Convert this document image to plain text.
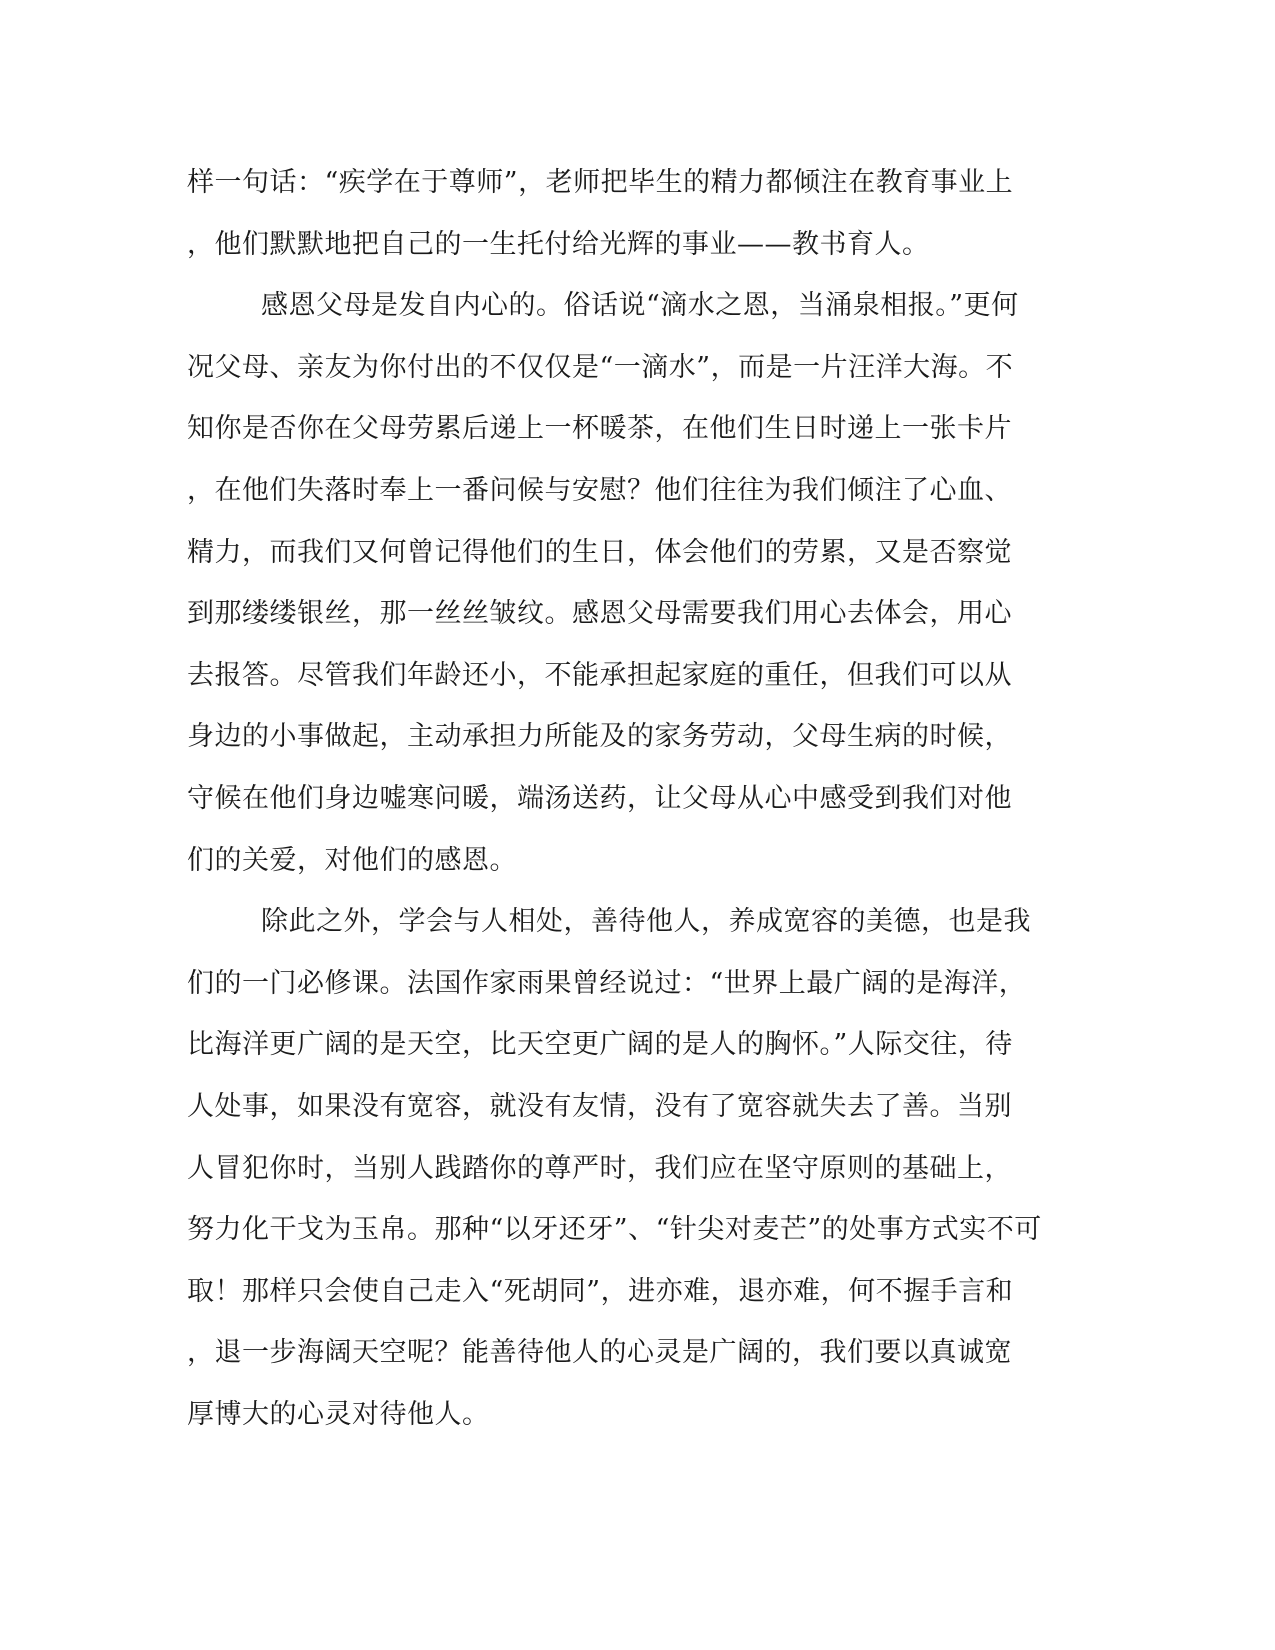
样一句话：“疾学在于尊师”，老师把毕生的精力都倾注在教育事业上
，他们默默地把自己的一生托付给光辉的事业——教书育人。
感恩父母是发自内心的。俗话说“滴水之恩，当涌泉相报。”更何
况父母、亲友为你付出的不仅仅是“一滴水”，而是一片汪洋大海。不
知你是否你在父母劳累后递上一杯暖茶，在他们生日时递上一张卡片
，在他们失落时奉上一番问候与安慰？他们往往为我们倾注了心血、
精力，而我们又何曾记得他们的生日，体会他们的劳累，又是否察觉
到那缕缕银丝，那一丝丝皱纹。感恩父母需要我们用心去体会，用心
去报答。尽管我们年龄还小，不能承担起家庭的重任，但我们可以从
身边的小事做起，主动承担力所能及的家务劳动，父母生病的时候，
守候在他们身边嘘寒问暖，端汤送药，让父母从心中感受到我们对他
们的关爱，对他们的感恩。
除此之外，学会与人相处，善待他人，养成宽容的美德，也是我
们的一门必修课。法国作家雨果曾经说过：“世界上最广阔的是海洋，
比海洋更广阔的是天空，比天空更广阔的是人的胸怀。”人际交往，待
人处事，如果没有宽容，就没有友情，没有了宽容就失去了善。当别
人冒犯你时，当别人践踏你的尊严时，我们应在坚守原则的基础上，
努力化干戈为玉帛。那种“以牙还牙”、“针尖对麦芒”的处事方式实不可
取！那样只会使自己走入“死胡同”，进亦难，退亦难，何不握手言和
，退一步海阔天空呢？能善待他人的心灵是广阔的，我们要以真诚宽
厚博大的心灵对待他人。
